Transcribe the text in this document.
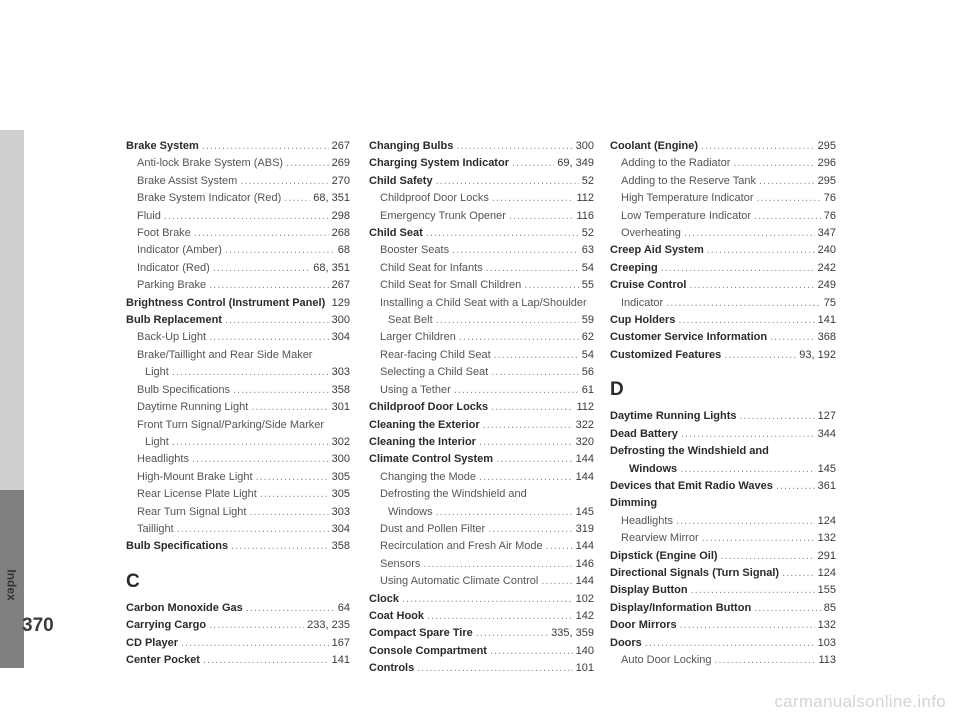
Index
370
Brake System .....	267
Anti-lock Brake System (ABS) .....	269
Brake Assist System .....	270
Brake System Indicator (Red) .....	68, 351
Fluid .....	298
Foot Brake .....	268
Indicator (Amber) .....	68
Indicator (Red) .....	68, 351
Parking Brake .....	267
Brightness Control (Instrument Panel) ..... 129
Bulb Replacement .....	300
Back-Up Light .....	304
Brake/Taillight and Rear Side Maker
Light .....	303
Bulb Specifications .....	358
Daytime Running Light .....	301
Front Turn Signal/Parking/Side Marker
Light .....	302
Headlights .....	300
High-Mount Brake Light .....	305
Rear License Plate Light .....	305
Rear Turn Signal Light .....	303
Taillight .....	304
Bulb Specifications .....	358
C
Carbon Monoxide Gas .....	64
Carrying Cargo .....	233, 235
CD Player .....	167
Center Pocket .....	141
Changing Bulbs .....	300
Charging System Indicator .....	69, 349
Child Safety .....	52
Childproof Door Locks .....	112
Emergency Trunk Opener .....	116
Child Seat .....	52
Booster Seats .....	63
Child Seat for Infants .....	54
Child Seat for Small Children .....	55
Installing a Child Seat with a Lap/Shoulder
Seat Belt .....	59
Larger Children .....	62
Rear-facing Child Seat .....	54
Selecting a Child Seat .....	56
Using a Tether .....	61
Childproof Door Locks .....	112
Cleaning the Exterior .....	322
Cleaning the Interior .....	320
Climate Control System .....	144
Changing the Mode .....	144
Defrosting the Windshield and
Windows .....	145
Dust and Pollen Filter .....	319
Recirculation and Fresh Air Mode .....	144
Sensors .....	146
Using Automatic Climate Control .....	144
Clock .....	102
Coat Hook .....	142
Compact Spare Tire .....	335, 359
Console Compartment .....	140
Controls .....	101
Coolant (Engine) .....	295
Adding to the Radiator .....	296
Adding to the Reserve Tank .....	295
High Temperature Indicator .....	76
Low Temperature Indicator .....	76
Overheating .....	347
Creep Aid System .....	240
Creeping .....	242
Cruise Control .....	249
Indicator .....	75
Cup Holders .....	141
Customer Service Information .....	368
Customized Features .....	93, 192
D
Daytime Running Lights .....	127
Dead Battery .....	344
Defrosting the Windshield and
Windows .....	145
Devices that Emit Radio Waves .....	361
Dimming
Headlights .....	124
Rearview Mirror .....	132
Dipstick (Engine Oil) .....	291
Directional Signals (Turn Signal) .....	124
Display Button .....	155
Display/Information Button .....	85
Door Mirrors .....	132
Doors .....	103
Auto Door Locking .....	113
carmanualsonline.info
